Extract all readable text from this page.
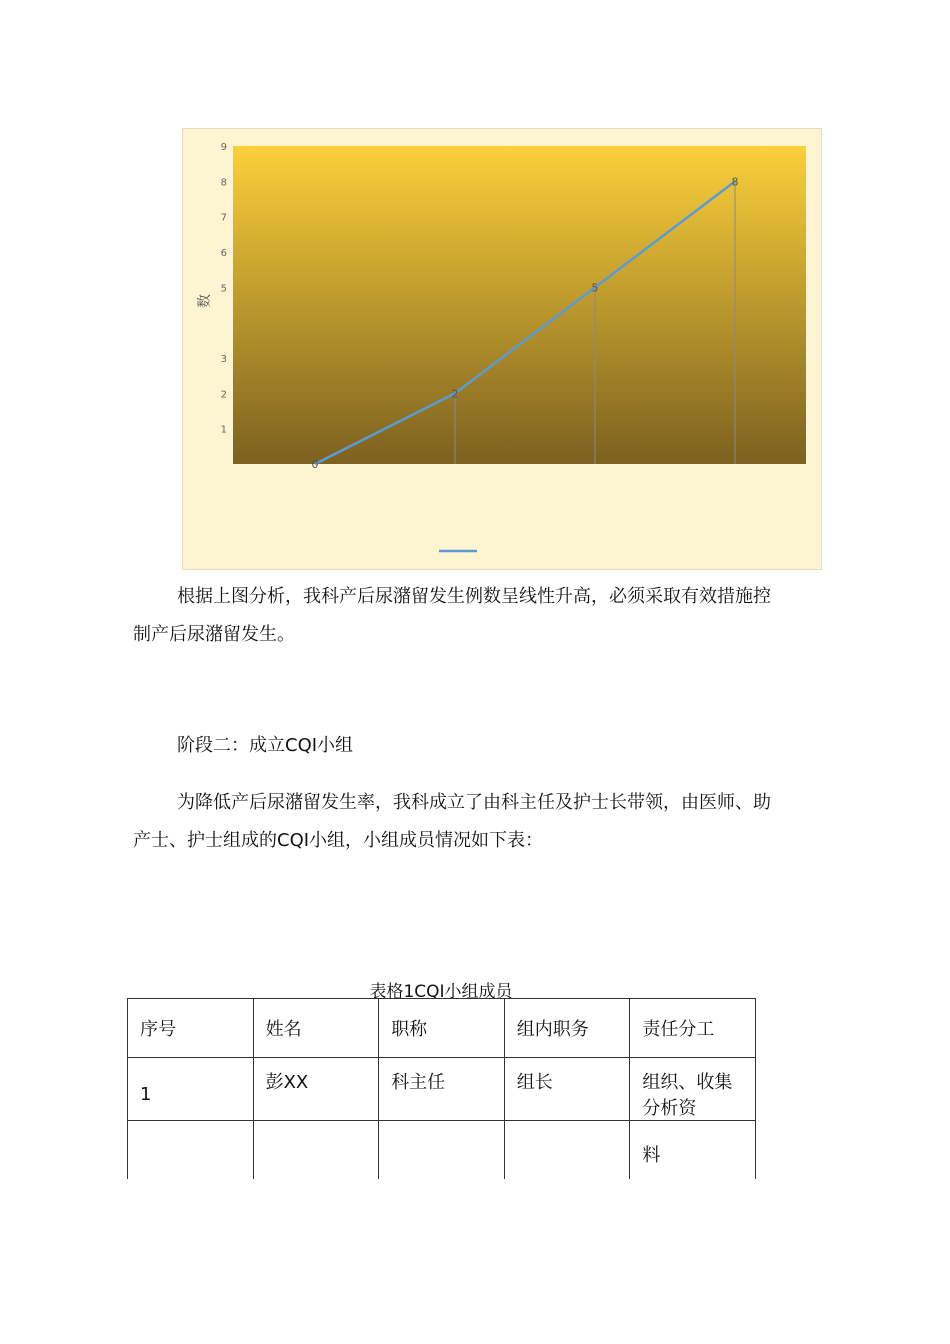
数
1
2
3
5
6
7
8
9
0
2
5
8

根据上图分析，我科产后尿潴留发生例数呈线性升高，必须采取有效措施控
制产后尿潴留发生。

阶段二：成立CQI小组

为降低产后尿潴留发生率，我科成立了由科主任及护士长带领，由医师、助
产士、护士组成的CQI小组，小组成员情况如下表：

表格1CQI小组成员
序号	姓名	职称	组内职务	责任分工
1	彭XX	科主任	组长	组织、收集分析资
				料
